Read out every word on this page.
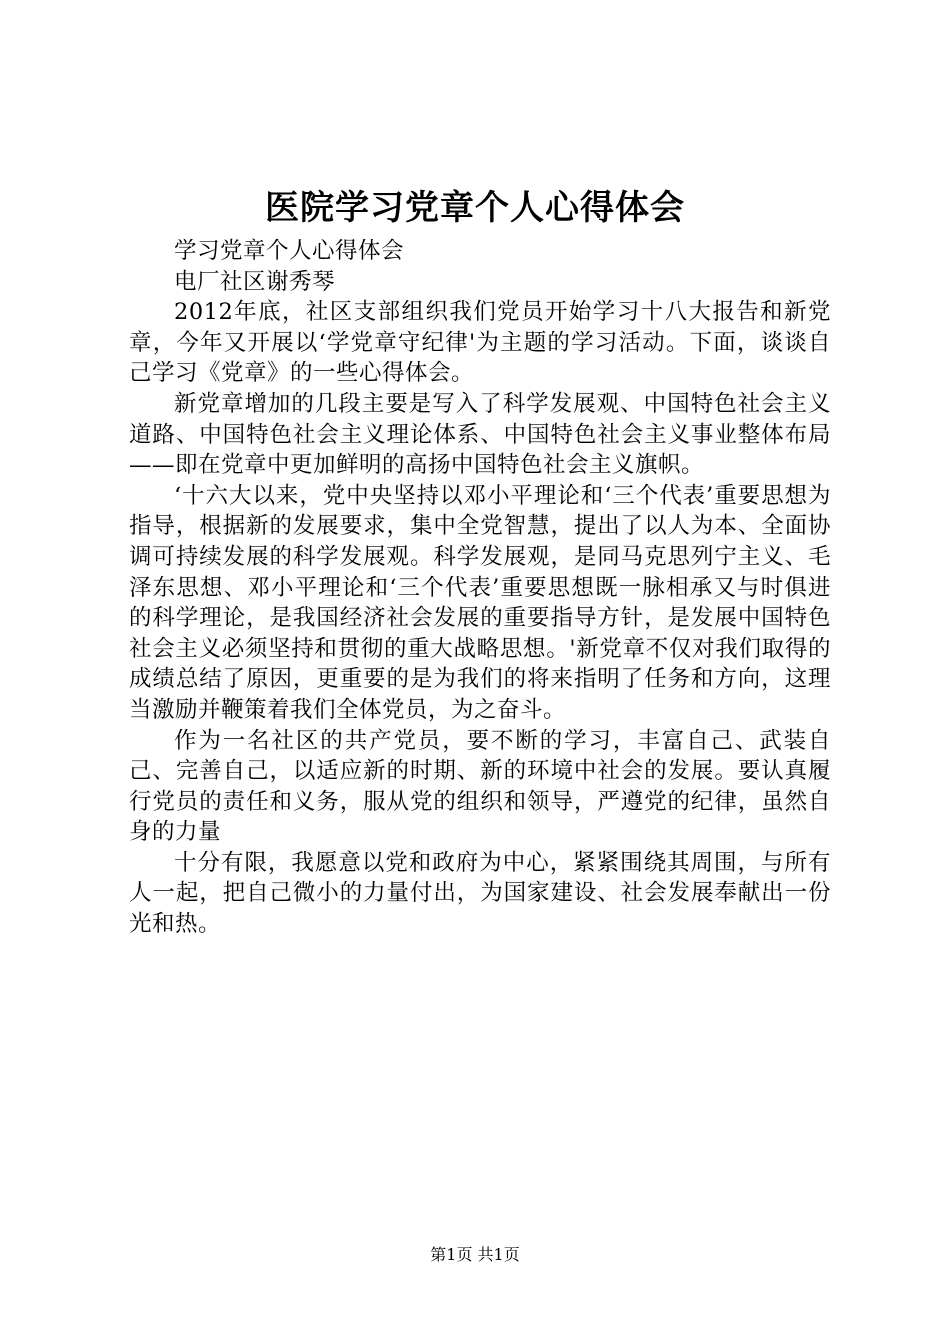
医院学习党章个人心得体会

学习党章个人心得体会

电厂社区谢秀琴

2012年底，社区支部组织我们党员开始学习十八大报告和新党章，今年又开展以‘学党章守纪律'为主题的学习活动。下面，谈谈自己学习《党章》的一些心得体会。

新党章增加的几段主要是写入了科学发展观、中国特色社会主义道路、中国特色社会主义理论体系、中国特色社会主义事业整体布局——即在党章中更加鲜明的高扬中国特色社会主义旗帜。

‘十六大以来，党中央坚持以邓小平理论和‘三个代表’重要思想为指导，根据新的发展要求，集中全党智慧，提出了以人为本、全面协调可持续发展的科学发展观。科学发展观，是同马克思列宁主义、毛泽东思想、邓小平理论和‘三个代表’重要思想既一脉相承又与时俱进的科学理论，是我国经济社会发展的重要指导方针，是发展中国特色社会主义必须坚持和贯彻的重大战略思想。'新党章不仅对我们取得的成绩总结了原因，更重要的是为我们的将来指明了任务和方向，这理当激励并鞭策着我们全体党员，为之奋斗。

作为一名社区的共产党员，要不断的学习，丰富自己、武装自己、完善自己，以适应新的时期、新的环境中社会的发展。要认真履行党员的责任和义务，服从党的组织和领导，严遵党的纪律，虽然自身的力量

十分有限，我愿意以党和政府为中心，紧紧围绕其周围，与所有人一起，把自己微小的力量付出，为国家建设、社会发展奉献出一份光和热。

第1页 共1页
